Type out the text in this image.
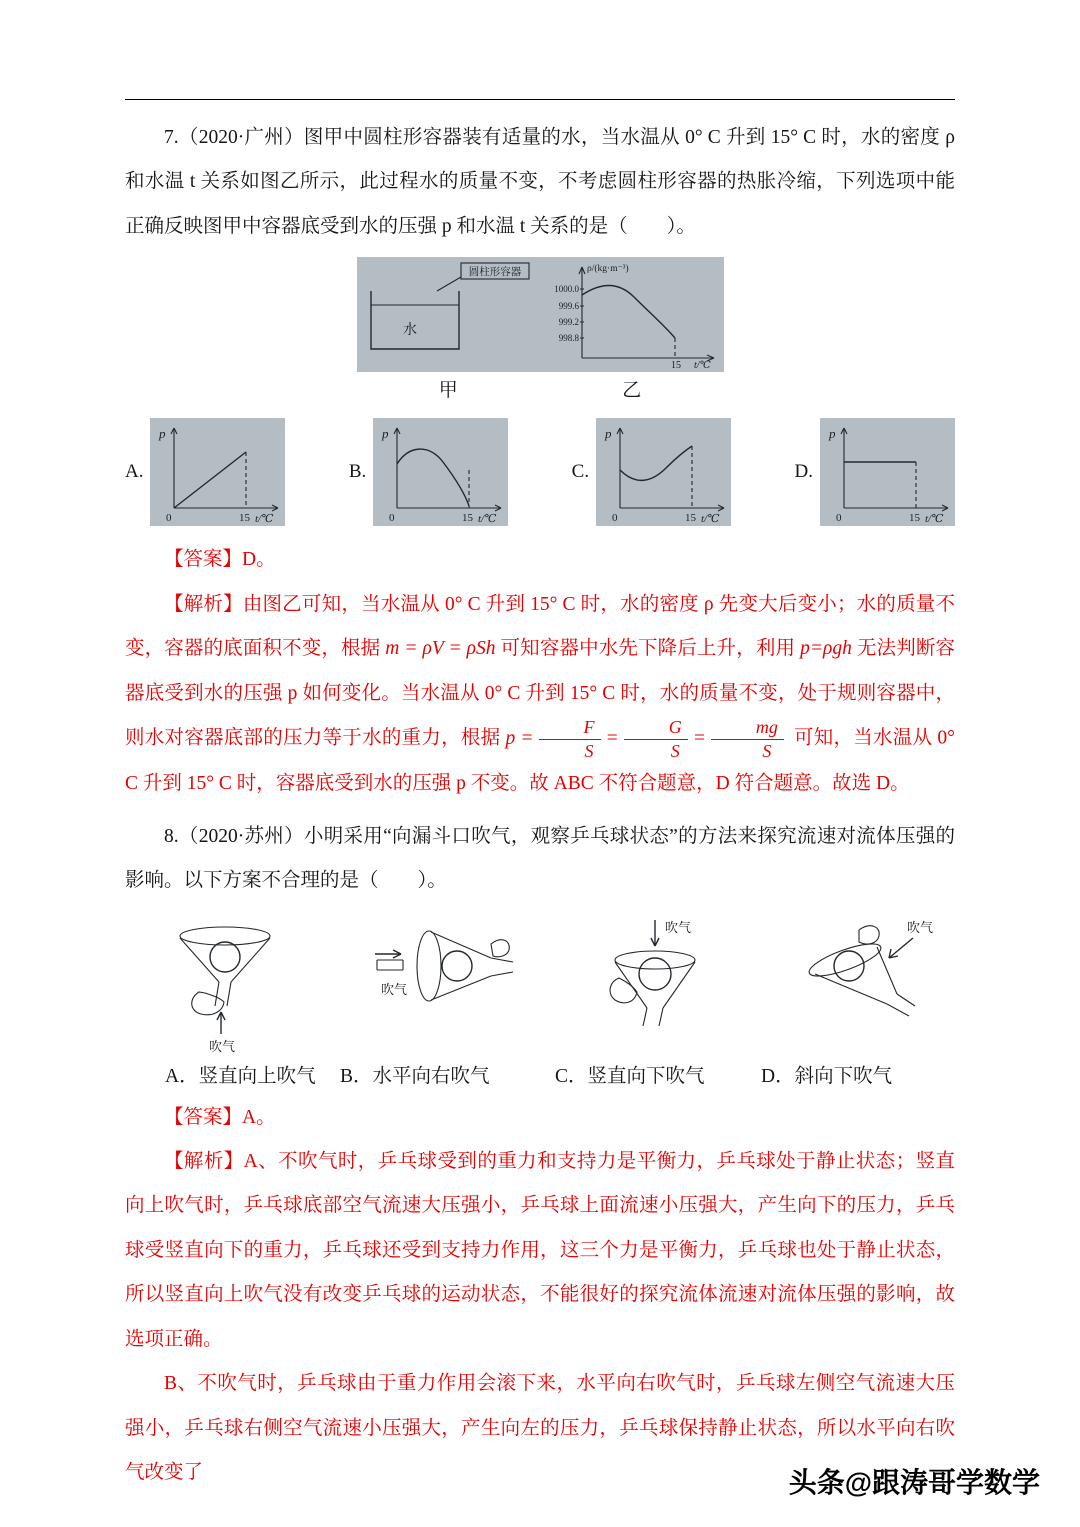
7.（2020·广州）图甲中圆柱形容器装有适量的水，当水温从 0° C 升到 15° C 时，水的密度 ρ 和水温 t 关系如图乙所示，此过程水的质量不变，不考虑圆柱形容器的热胀冷缩，下列选项中能正确反映图甲中容器底受到水的压强 p 和水温 t 关系的是（　　）。

圆柱形容器
水
ρ/(kg·m⁻³)
1000.0
999.6
999.2
998.8
15 t/℃
甲	乙
A.
p
0	15 t/℃
B.
p
0	15 t/℃
C.
p
0	15 t/℃
D.
p
0	15 t/℃

【答案】D。

【解析】由图乙可知，当水温从 0° C 升到 15° C 时，水的密度 ρ 先变大后变小；水的质量不变，容器的底面积不变，根据 m = ρV = ρSh 可知容器中水先下降后上升，利用 p=ρgh 无法判断容器底受到水的压强 p 如何变化。当水温从 0° C 升到 15° C 时，水的质量不变，处于规则容器中，则水对容器底部的压力等于水的重力，根据 $p = \frac{F}{S} = \frac{G}{S} = \frac{mg}{S}$ 可知，当水温从 0° C 升到 15° C 时，容器底受到水的压强 p 不变。故 ABC 不符合题意，D 符合题意。故选 D。

8.（2020·苏州）小明采用“向漏斗口吹气，观察乒乓球状态”的方法来探究流速对流体压强的影响。以下方案不合理的是（　　）。

吹气
吹气
吹气	吹气
A．竖直向上吹气	B．水平向右吹气	C．竖直向下吹气	D．斜向下吹气

【答案】A。

【解析】A、不吹气时，乒乓球受到的重力和支持力是平衡力，乒乓球处于静止状态；竖直向上吹气时，乒乓球底部空气流速大压强小，乒乓球上面流速小压强大，产生向下的压力，乒乓球受竖直向下的重力，乒乓球还受到支持力作用，这三个力是平衡力，乒乓球也处于静止状态，所以竖直向上吹气没有改变乒乓球的运动状态，不能很好的探究流体流速对流体压强的影响，故选项正确。

B、不吹气时，乒乓球由于重力作用会滚下来，水平向右吹气时，乒乓球左侧空气流速大压强小，乒乓球右侧空气流速小压强大，产生向左的压力，乒乓球保持静止状态，所以水平向右吹气改变了	头条@跟涛哥学数学
